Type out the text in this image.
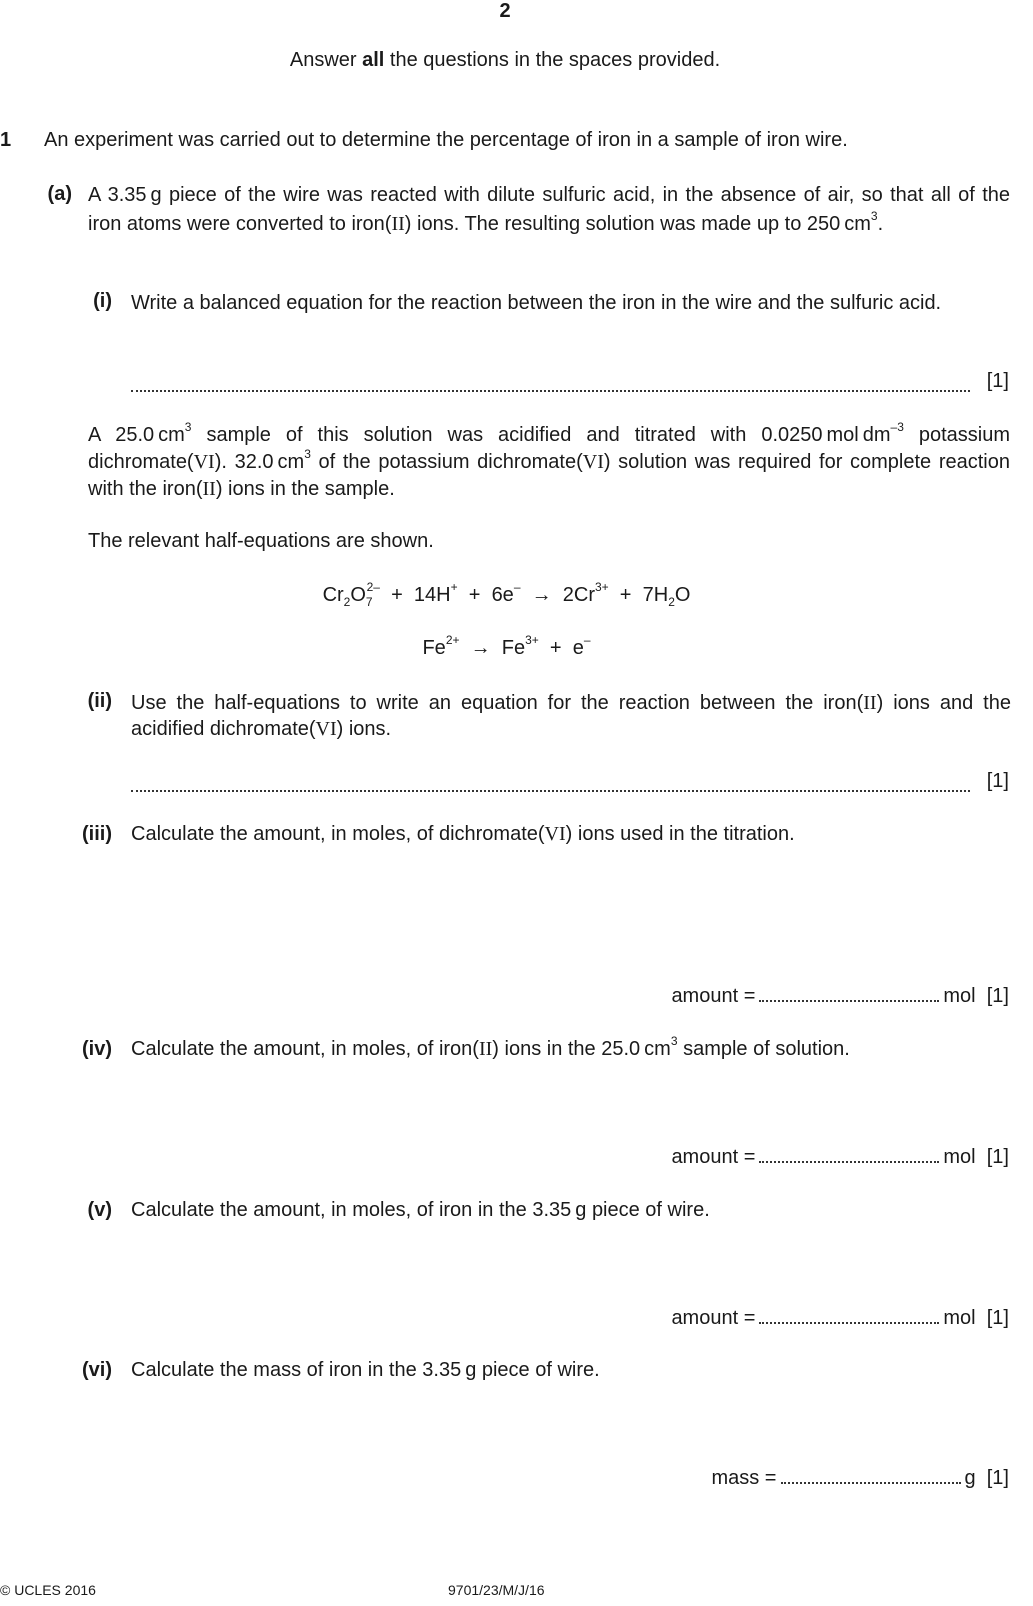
2
Answer all the questions in the spaces provided.
1 An experiment was carried out to determine the percentage of iron in a sample of iron wire.
(a) A 3.35 g piece of the wire was reacted with dilute sulfuric acid, in the absence of air, so that all of the iron atoms were converted to iron(II) ions. The resulting solution was made up to 250 $cm^3$.
(i) Write a balanced equation for the reaction between the iron in the wire and the sulfuric acid.
[1]
A 25.0 $cm^3$ sample of this solution was acidified and titrated with 0.0250 mol $dm^{-3}$ potassium dichromate(VI). 32.0 $cm^3$ of the potassium dichromate(VI) solution was required for complete reaction with the iron(II) ions in the sample.
The relevant half-equations are shown.
$Cr_2O_7^{2-} + 14H^+ + 6e^- \to 2Cr^{3+} + 7H_2O$
$Fe^{2+} \to Fe^{3+} + e^-$
(ii) Use the half-equations to write an equation for the reaction between the iron(II) ions and the acidified dichromate(VI) ions.
[1]
(iii) Calculate the amount, in moles, of dichromate(VI) ions used in the titration.
amount =	mol [1]
(iv) Calculate the amount, in moles, of iron(II) ions in the 25.0 $cm^3$ sample of solution.
amount =	mol [1]
(v) Calculate the amount, in moles, of iron in the 3.35 g piece of wire.
amount =	mol [1]
(vi) Calculate the mass of iron in the 3.35 g piece of wire.
mass =	g [1]
© UCLES 2016	9701/23/M/J/16
